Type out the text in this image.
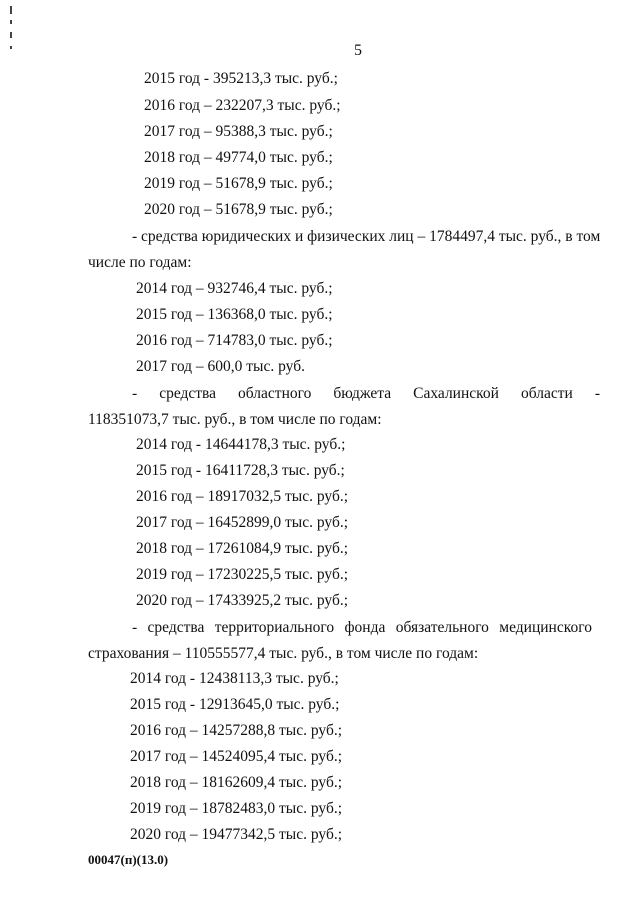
5
2015 год - 395213,3 тыс. руб.;
2016 год – 232207,3 тыс. руб.;
2017 год – 95388,3 тыс. руб.;
2018 год – 49774,0 тыс. руб.;
2019 год – 51678,9 тыс. руб.;
2020 год – 51678,9 тыс. руб.;
- средства юридических и физических лиц – 1784497,4 тыс. руб., в том
числе по годам:
2014 год – 932746,4 тыс. руб.;
2015 год – 136368,0 тыс. руб.;
2016 год – 714783,0 тыс. руб.;
2017 год – 600,0 тыс. руб.
- средства областного бюджета Сахалинской области -
118351073,7 тыс. руб., в том числе по годам:
2014 год - 14644178,3 тыс. руб.;
2015 год - 16411728,3 тыс. руб.;
2016 год – 18917032,5 тыс. руб.;
2017 год – 16452899,0 тыс. руб.;
2018 год – 17261084,9 тыс. руб.;
2019 год – 17230225,5 тыс. руб.;
2020 год – 17433925,2 тыс. руб.;
- средства территориального фонда обязательного медицинского
страхования – 110555577,4 тыс. руб., в том числе по годам:
2014 год - 12438113,3 тыс. руб.;
2015 год - 12913645,0 тыс. руб.;
2016 год – 14257288,8 тыс. руб.;
2017 год – 14524095,4 тыс. руб.;
2018 год – 18162609,4 тыс. руб.;
2019 год – 18782483,0 тыс. руб.;
2020 год – 19477342,5 тыс. руб.;
00047(п)(13.0)
